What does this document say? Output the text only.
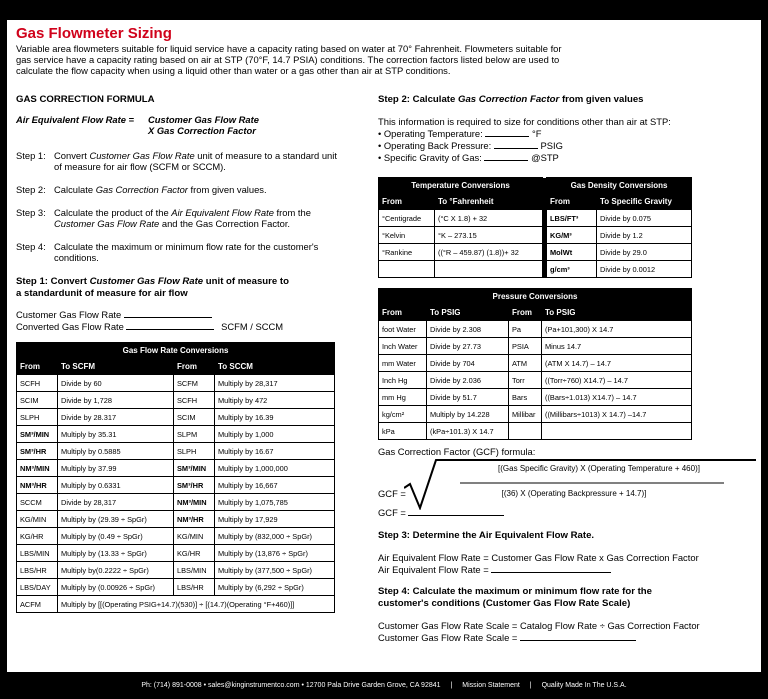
Gas Flowmeter Sizing
Variable area flowmeters suitable for liquid service have a capacity rating based on water at 70° Fahrenheit. Flowmeters suitable for gas service have a capacity rating based on air at STP (70°F, 14.7 PSIA) conditions. The correction factors listed below are used to calculate the flow capacity when using a liquid other than water or a gas other than air at STP conditions.
GAS CORRECTION FORMULA
Air Equivalent Flow Rate =	Customer Gas Flow Rate
X Gas Correction Factor
Step 1: Convert Customer Gas Flow Rate unit of measure to a standard unit of measure for air flow (SCFM or SCCM).
Step 2: Calculate Gas Correction Factor from given values.
Step 3: Calculate the product of the Air Equivalent Flow Rate from the Customer Gas Flow Rate and the Gas Correction Factor.
Step 4: Calculate the maximum or minimum flow rate for the customer's conditions.
Step 1: Convert Customer Gas Flow Rate unit of measure to
a standardunit of measure for air flow
Customer Gas Flow Rate
Converted Gas Flow Rate	SCFM / SCCM
Gas Flow Rate Conversions			
From	To SCFM	From	To SCCM
SCFH	Divide by 60	SCFM	Multiply by 28,317
SCIM	Divide by 1,728	SCFH	Multiply by 472
SLPH	Divide by 28.317	SCIM	Multiply by 16.39
SM³/MIN	Multiply by 35.31	SLPM	Multiply by 1,000
SM³/HR	Multiply by 0.5885	SLPH	Multiply by 16.67
NM³/MIN	Multiply by 37.99	SM³/MIN	Multiply by 1,000,000
NM³/HR	Multiply by 0.6331	SM³/HR	Multiply by 16,667
SCCM	Divide by 28,317	NM³/MIN	Multiply by 1,075,785
KG/MIN	Multiply by (29.39 ÷ SpGr)	NM³/HR	Multiply by 17,929
KG/HR	Multiply by (0.49 ÷ SpGr)	KG/MIN	Multiply by (832,000 ÷ SpGr)
LBS/MIN	Multiply by (13.33 ÷ SpGr)	KG/HR	Multiply by (13,876 ÷ SpGr)
LBS/HR	Multiply by(0.2222 ÷ SpGr)	LBS/MIN	Multiply by (377,500 ÷ SpGr)
LBS/DAY	Multiply by (0.00926 ÷ SpGr)	LBS/HR	Multiply by (6,292 ÷ SpGr)
ACFM	Multiply by [[(Operating PSIG+14.7)(530)] ÷ [(14.7)(Operating °F+460)]]		
Step 2: Calculate Gas Correction Factor from given values
This information is required to size for conditions other than air at STP:
• Operating Temperature:	°F
• Operating Back Pressure:	PSIG
• Specific Gravity of Gas:	@STP
Temperature Conversions			Gas Density Conversions	
From	To °Fahrenheit		From	To Specific Gravity
°Centigrade	(°C X 1.8) + 32		LBS/FT³	Divide by 0.075
°Kelvin	°K – 273.15		KG/M³	Divide by 1.2
°Rankine	((°R – 459.87) (1.8))+ 32		MolWt	Divide by 29.0
			g/cm³	Divide by 0.0012
Pressure Conversions			
From	To PSIG	From	To PSIG
foot Water	Divide by 2.308	Pa	(Pa+101,300) X 14.7
Inch Water	Divide by 27.73	PSIA	Minus 14.7
mm Water	Divide by 704	ATM	(ATM X 14.7) – 14.7
Inch Hg	Divide by 2.036	Torr	((Torr÷760) X14.7) – 14.7
mm Hg	Divide by 51.7	Bars	((Bars÷1.013) X14.7) – 14.7
kg/cm²	Multiply by 14.228	Millibar	((Millibars÷1013) X 14.7) –14.7
kPa	(kPa÷101.3) X 14.7		
Gas Correction Factor (GCF) formula:
GCF =
[(Gas Specific Gravity) X (Operating Temperature + 460)]
[(36) X (Operating Backpressure + 14.7)]
GCF =
Step 3: Determine the Air Equivalent Flow Rate.
Air Equivalent Flow Rate = Customer Gas Flow Rate x Gas Correction Factor
Air Equivalent Flow Rate =
Step 4: Calculate the maximum or minimum flow rate for the
customer's conditions (Customer Gas Flow Rate Scale)
Customer Gas Flow Rate Scale = Catalog Flow Rate ÷ Gas Correction Factor
Customer Gas Flow Rate Scale =
Ph: (714) 891-0008 • sales@kinginstrumentco.com • 12700 Pala Drive Garden Grove, CA 92841 | Mission Statement | Quality Made In The U.S.A.
